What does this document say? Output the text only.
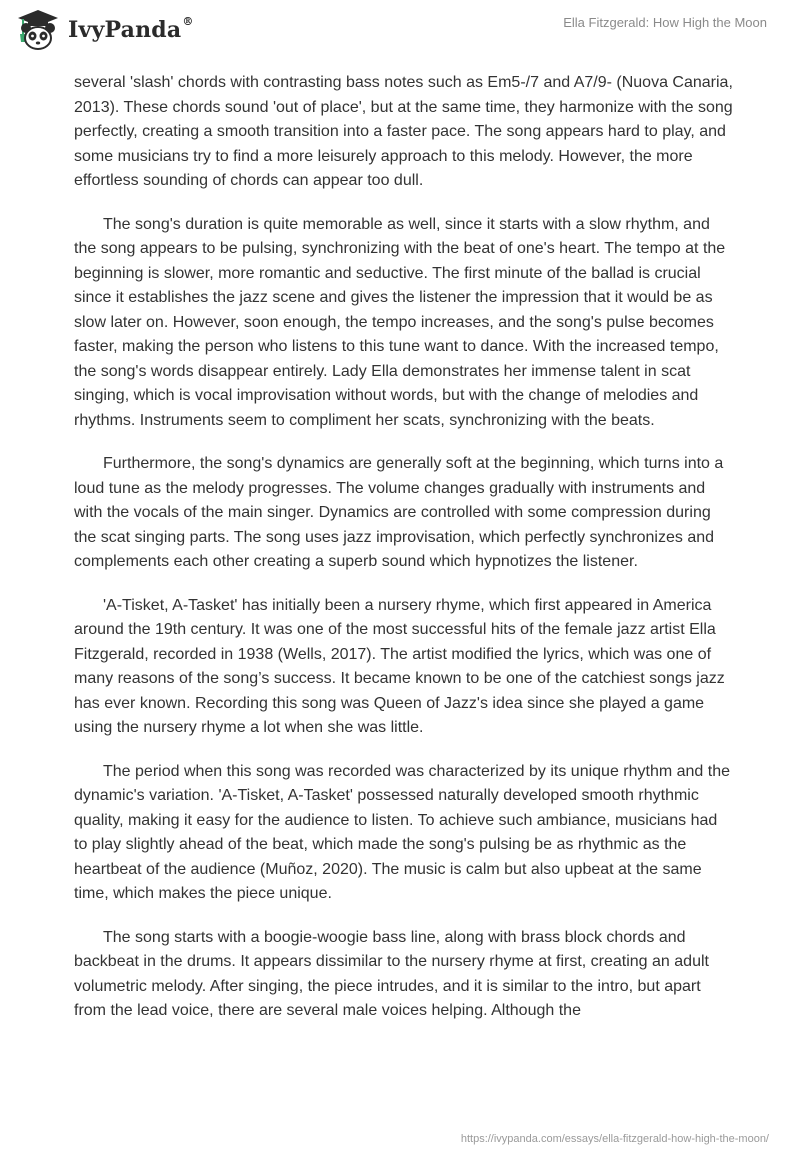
IvyPanda®	Ella Fitzgerald: How High the Moon

several 'slash' chords with contrasting bass notes such as Em5-/7 and A7/9- (Nuova Canaria, 2013). These chords sound 'out of place', but at the same time, they harmonize with the song perfectly, creating a smooth transition into a faster pace. The song appears hard to play, and some musicians try to find a more leisurely approach to this melody. However, the more effortless sounding of chords can appear too dull.

The song's duration is quite memorable as well, since it starts with a slow rhythm, and the song appears to be pulsing, synchronizing with the beat of one's heart. The tempo at the beginning is slower, more romantic and seductive. The first minute of the ballad is crucial since it establishes the jazz scene and gives the listener the impression that it would be as slow later on. However, soon enough, the tempo increases, and the song's pulse becomes faster, making the person who listens to this tune want to dance. With the increased tempo, the song's words disappear entirely. Lady Ella demonstrates her immense talent in scat singing, which is vocal improvisation without words, but with the change of melodies and rhythms. Instruments seem to compliment her scats, synchronizing with the beats.

Furthermore, the song's dynamics are generally soft at the beginning, which turns into a loud tune as the melody progresses. The volume changes gradually with instruments and with the vocals of the main singer. Dynamics are controlled with some compression during the scat singing parts. The song uses jazz improvisation, which perfectly synchronizes and complements each other creating a superb sound which hypnotizes the listener.

'A-Tisket, A-Tasket' has initially been a nursery rhyme, which first appeared in America around the 19th century. It was one of the most successful hits of the female jazz artist Ella Fitzgerald, recorded in 1938 (Wells, 2017). The artist modified the lyrics, which was one of many reasons of the song’s success. It became known to be one of the catchiest songs jazz has ever known. Recording this song was Queen of Jazz's idea since she played a game using the nursery rhyme a lot when she was little.

The period when this song was recorded was characterized by its unique rhythm and the dynamic's variation. 'A-Tisket, A-Tasket' possessed naturally developed smooth rhythmic quality, making it easy for the audience to listen. To achieve such ambiance, musicians had to play slightly ahead of the beat, which made the song's pulsing be as rhythmic as the heartbeat of the audience (Muñoz, 2020). The music is calm but also upbeat at the same time, which makes the piece unique.

The song starts with a boogie-woogie bass line, along with brass block chords and backbeat in the drums. It appears dissimilar to the nursery rhyme at first, creating an adult volumetric melody. After singing, the piece intrudes, and it is similar to the intro, but apart from the lead voice, there are several male voices helping. Although the

https://ivypanda.com/essays/ella-fitzgerald-how-high-the-moon/
